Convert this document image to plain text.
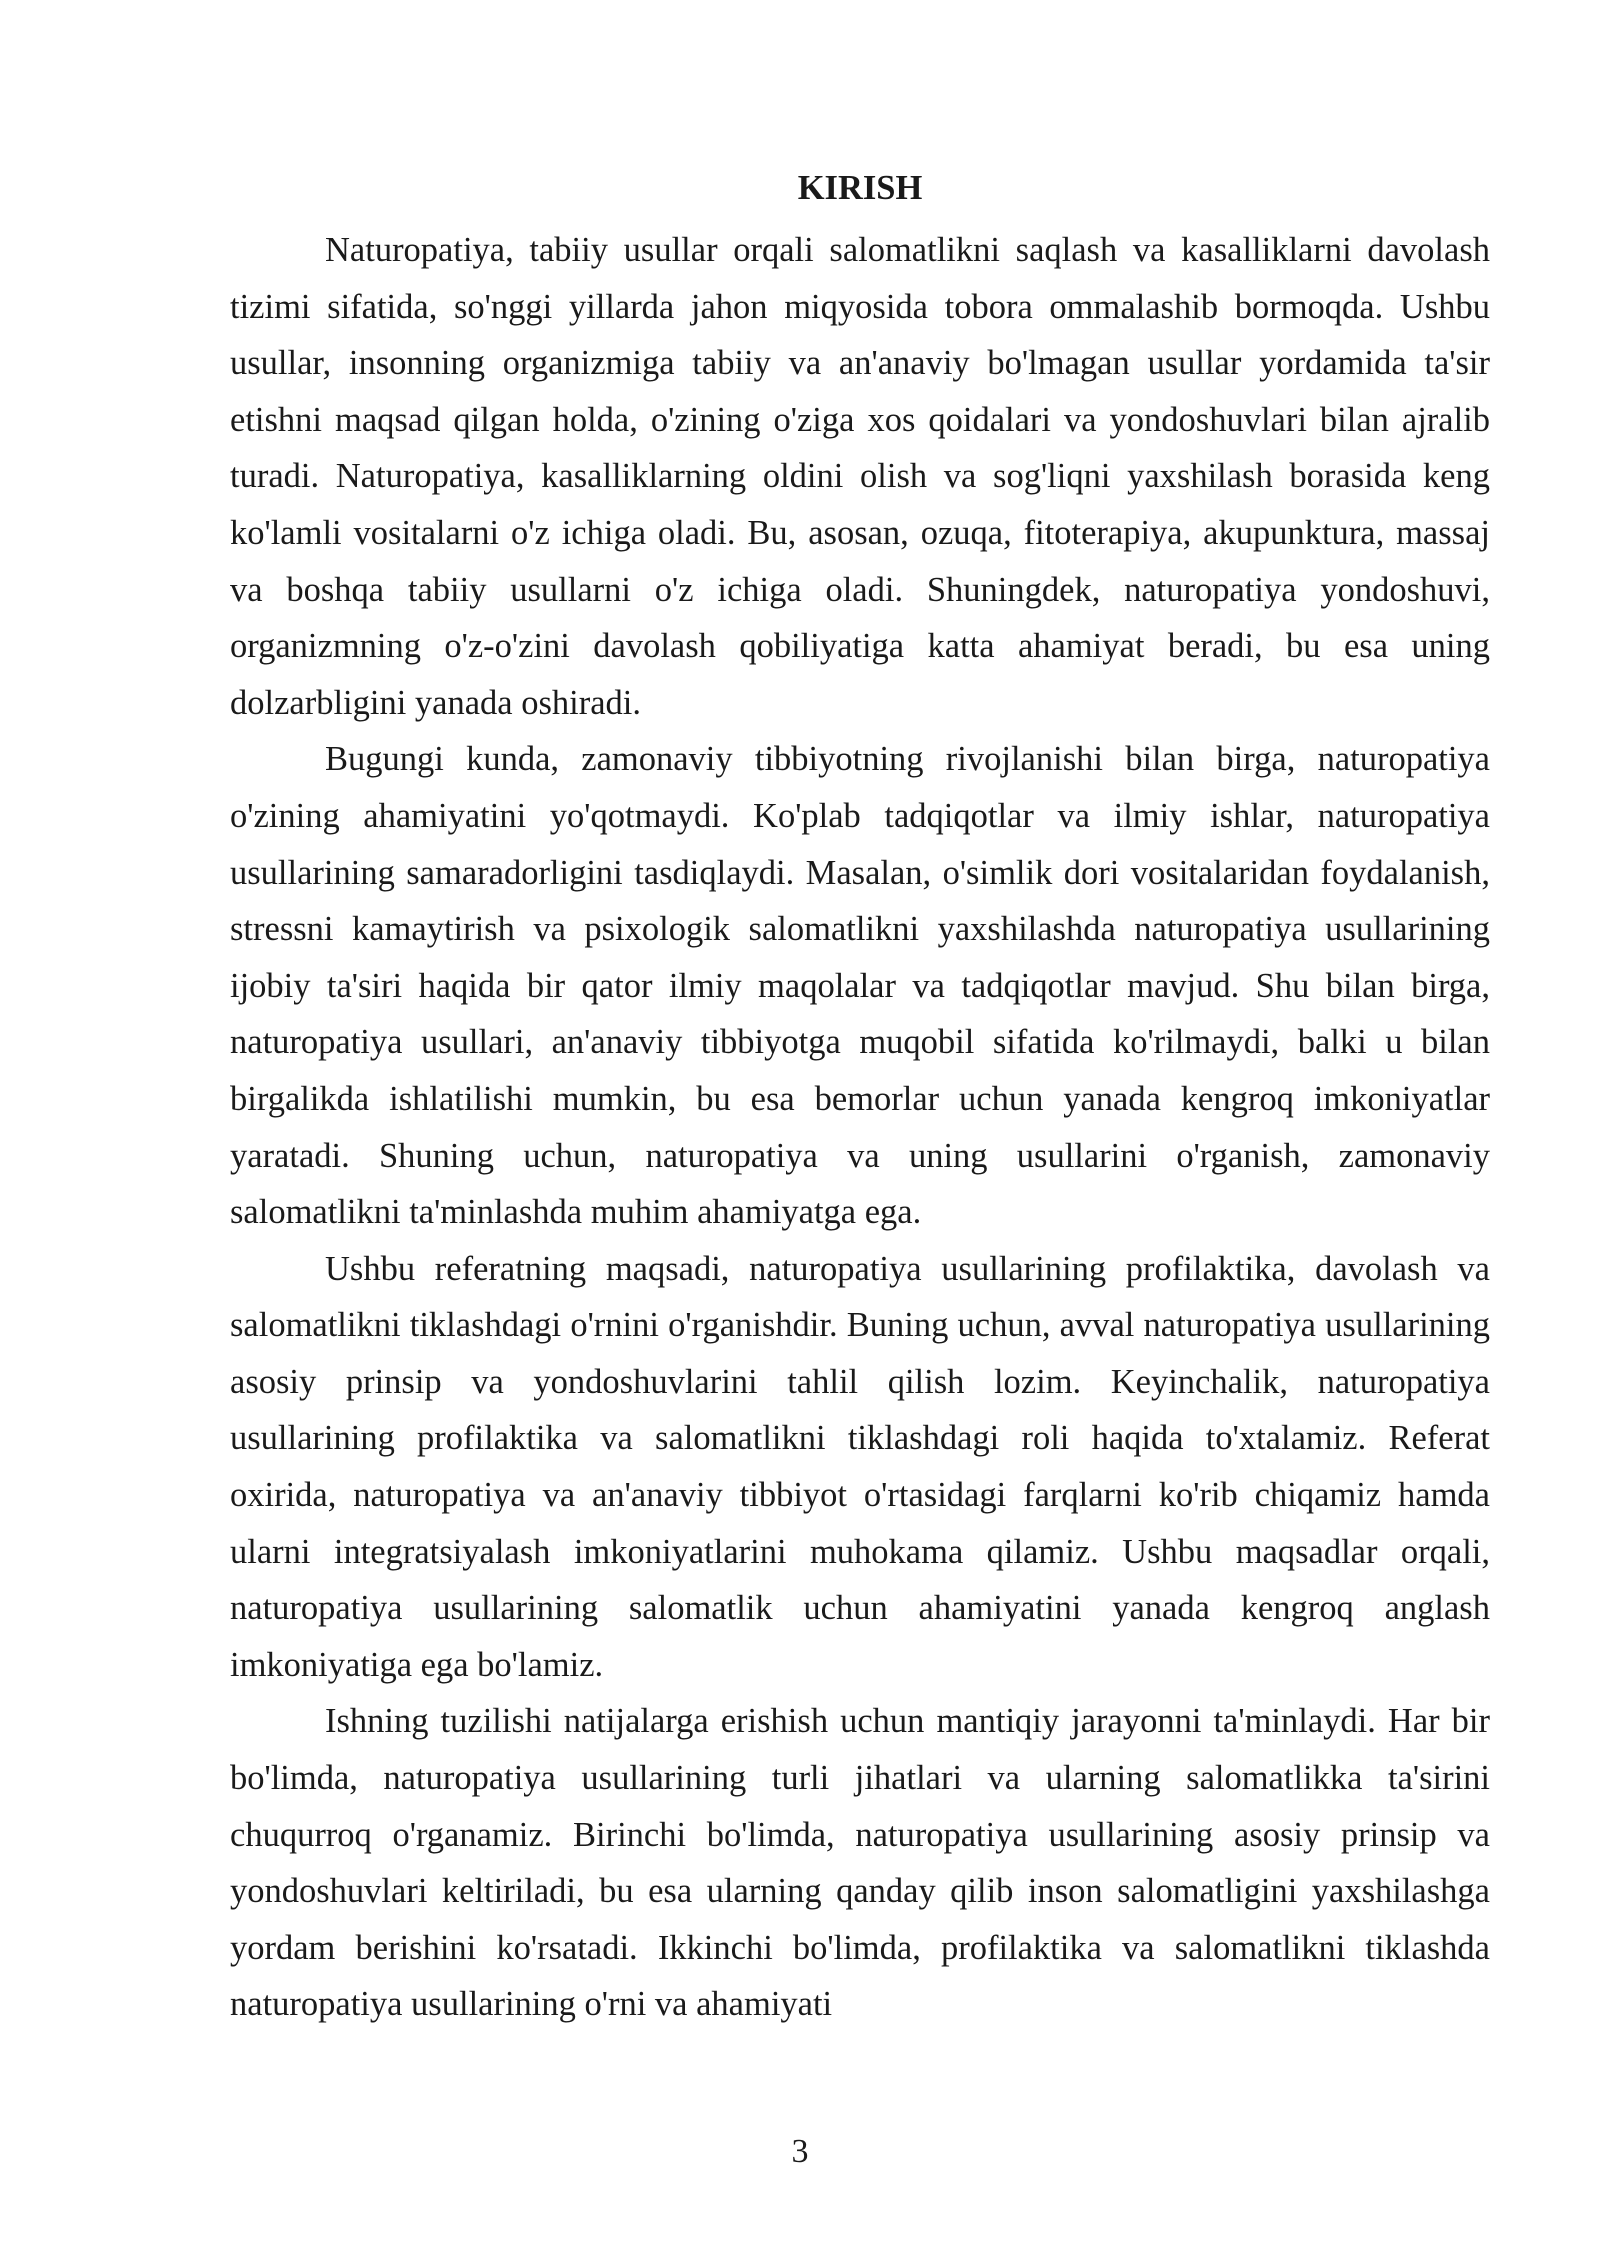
KIRISH

Naturopatiya, tabiiy usullar orqali salomatlikni saqlash va kasalliklarni davolash tizimi sifatida, so'nggi yillarda jahon miqyosida tobora ommalashib bormoqda. Ushbu usullar, insonning organizmiga tabiiy va an'anaviy bo'lmagan usullar yordamida ta'sir etishni maqsad qilgan holda, o'zining o'ziga xos qoidalari va yondoshuvlari bilan ajralib turadi. Naturopatiya, kasalliklarning oldini olish va sog'liqni yaxshilash borasida keng ko'lamli vositalarni o'z ichiga oladi. Bu, asosan, ozuqa, fitoterapiya, akupunktura, massaj va boshqa tabiiy usullarni o'z ichiga oladi. Shuningdek, naturopatiya yondoshuvi, organizmning o'z-o'zini davolash qobiliyatiga katta ahamiyat beradi, bu esa uning dolzarbligini yanada oshiradi.

Bugungi kunda, zamonaviy tibbiyotning rivojlanishi bilan birga, naturopatiya o'zining ahamiyatini yo'qotmaydi. Ko'plab tadqiqotlar va ilmiy ishlar, naturopatiya usullarining samaradorligini tasdiqlaydi. Masalan, o'simlik dori vositalaridan foydalanish, stressni kamaytirish va psixologik salomatlikni yaxshilashda naturopatiya usullarining ijobiy ta'siri haqida bir qator ilmiy maqolalar va tadqiqotlar mavjud. Shu bilan birga, naturopatiya usullari, an'anaviy tibbiyotga muqobil sifatida ko'rilmaydi, balki u bilan birgalikda ishlatilishi mumkin, bu esa bemorlar uchun yanada kengroq imkoniyatlar yaratadi. Shuning uchun, naturopatiya va uning usullarini o'rganish, zamonaviy salomatlikni ta'minlashda muhim ahamiyatga ega.

Ushbu referatning maqsadi, naturopatiya usullarining profilaktika, davolash va salomatlikni tiklashdagi o'rnini o'rganishdir. Buning uchun, avval naturopatiya usullarining asosiy prinsip va yondoshuvlarini tahlil qilish lozim. Keyinchalik, naturopatiya usullarining profilaktika va salomatlikni tiklashdagi roli haqida to'xtalamiz. Referat oxirida, naturopatiya va an'anaviy tibbiyot o'rtasidagi farqlarni ko'rib chiqamiz hamda ularni integratsiyalash imkoniyatlarini muhokama qilamiz. Ushbu maqsadlar orqali, naturopatiya usullarining salomatlik uchun ahamiyatini yanada kengroq anglash imkoniyatiga ega bo'lamiz.

Ishning tuzilishi natijalarga erishish uchun mantiqiy jarayonni ta'minlaydi. Har bir bo'limda, naturopatiya usullarining turli jihatlari va ularning salomatlikka ta'sirini chuqurroq o'rganamiz. Birinchi bo'limda, naturopatiya usullarining asosiy prinsip va yondoshuvlari keltiriladi, bu esa ularning qanday qilib inson salomatligini yaxshilashga yordam berishini ko'rsatadi. Ikkinchi bo'limda, profilaktika va salomatlikni tiklashda naturopatiya usullarining o'rni va ahamiyati

3
